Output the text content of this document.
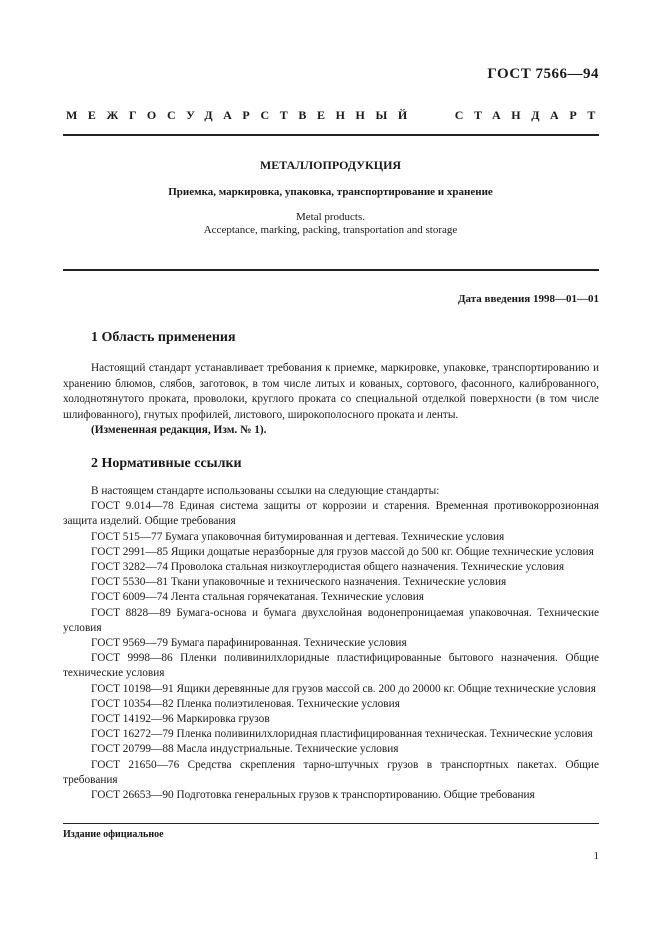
ГОСТ 7566—94
МЕЖГОСУДАРСТВЕННЫЙ	СТАНДАРТ
МЕТАЛЛОПРОДУКЦИЯ
Приемка, маркировка, упаковка, транспортирование и хранение
Metal products.
Acceptance, marking, packing, transportation and storage
Дата введения 1998—01—01
1 Область применения

Настоящий стандарт устанавливает требования к приемке, маркировке, упаковке, транспортированию и хранению блюмов, слябов, заготовок, в том числе литых и кованых, сортового, фасонного, калиброванного, холоднотянутого проката, проволоки, круглого проката со специальной отделкой поверхности (в том числе шлифованного), гнутых профилей, листового, широкополосного проката и ленты.

(Измененная редакция, Изм. № 1).

2 Нормативные ссылки

В настоящем стандарте использованы ссылки на следующие стандарты:

ГОСТ 9.014—78 Единая система защиты от коррозии и старения. Временная противокоррозионная защита изделий. Общие требования

ГОСТ 515—77 Бумага упаковочная битумированная и дегтевая. Технические условия

ГОСТ 2991—85 Ящики дощатые неразборные для грузов массой до 500 кг. Общие технические условия

ГОСТ 3282—74 Проволока стальная низкоуглеродистая общего назначения. Технические условия

ГОСТ 5530—81 Ткани упаковочные и технического назначения. Технические условия

ГОСТ 6009—74 Лента стальная горячекатаная. Технические условия

ГОСТ 8828—89 Бумага-основа и бумага двухслойная водонепроницаемая упаковочная. Технические условия

ГОСТ 9569—79 Бумага парафинированная. Технические условия

ГОСТ 9998—86 Пленки поливинилхлоридные пластифицированные бытового назначения. Общие технические условия

ГОСТ 10198—91 Ящики деревянные для грузов массой св. 200 до 20000 кг. Общие технические условия

ГОСТ 10354—82 Пленка полиэтиленовая. Технические условия

ГОСТ 14192—96 Маркировка грузов

ГОСТ 16272—79 Пленка поливинилхлоридная пластифицированная техническая. Технические условия

ГОСТ 20799—88 Масла индустриальные. Технические условия

ГОСТ 21650—76 Средства скрепления тарно-штучных грузов в транспортных пакетах. Общие требования

ГОСТ 26653—90 Подготовка генеральных грузов к транспортированию. Общие требования

Издание официальное
1
